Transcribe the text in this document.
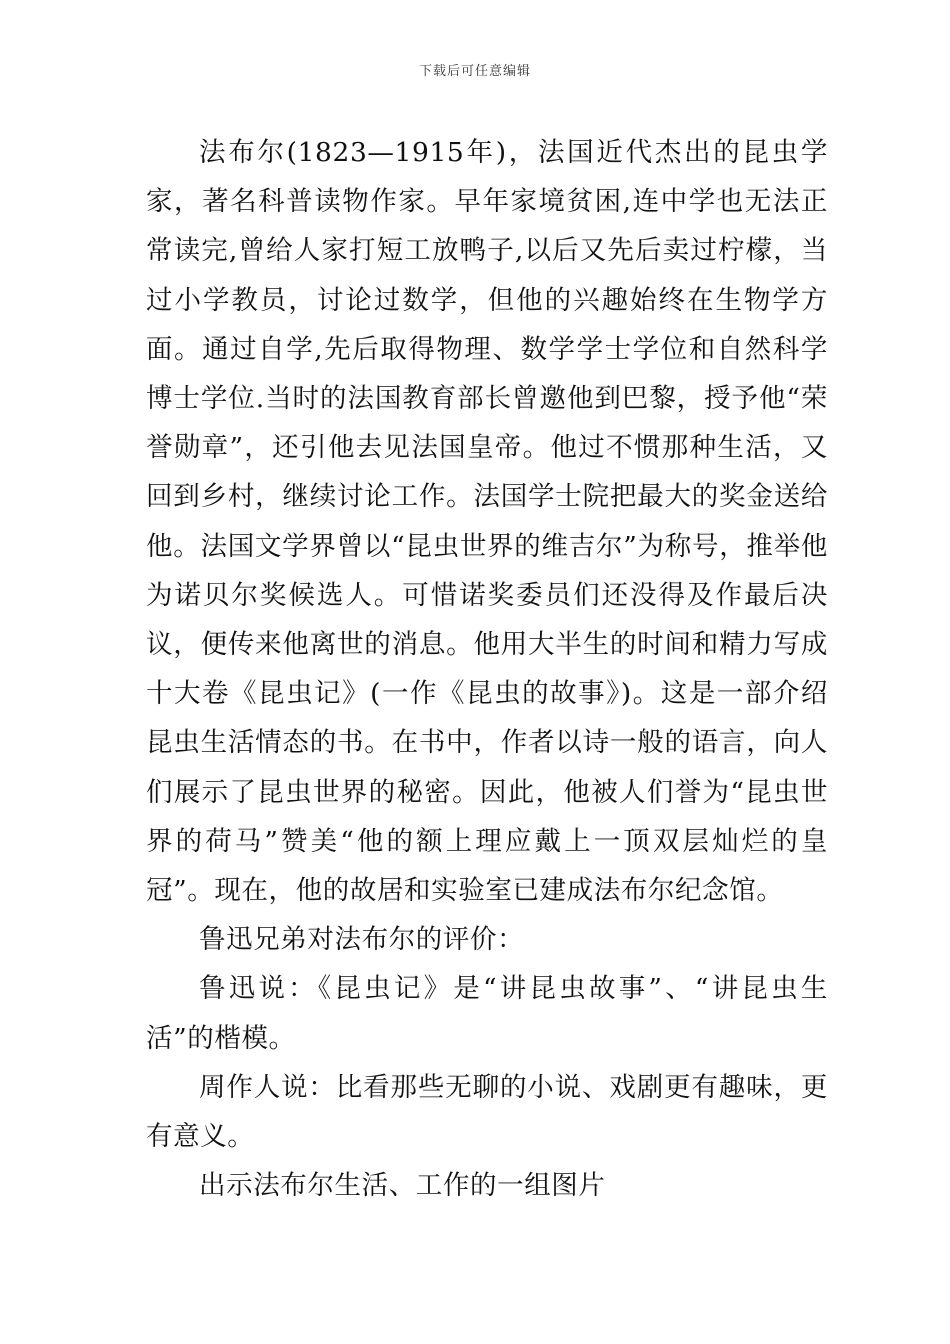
下载后可任意编辑

法布尔(1823—1915年)，法国近代杰出的昆虫学家，著名科普读物作家。早年家境贫困,连中学也无法正常读完,曾给人家打短工放鸭子,以后又先后卖过柠檬，当过小学教员，讨论过数学，但他的兴趣始终在生物学方面。通过自学,先后取得物理、数学学士学位和自然科学博士学位.当时的法国教育部长曾邀他到巴黎，授予他“荣誉勋章”，还引他去见法国皇帝。他过不惯那种生活，又回到乡村，继续讨论工作。法国学士院把最大的奖金送给他。法国文学界曾以“昆虫世界的维吉尔”为称号，推举他为诺贝尔奖候选人。可惜诺奖委员们还没得及作最后决议，便传来他离世的消息。他用大半生的时间和精力写成十大卷《昆虫记》(一作《昆虫的故事》)。这是一部介绍昆虫生活情态的书。在书中，作者以诗一般的语言，向人们展示了昆虫世界的秘密。因此，他被人们誉为“昆虫世界的荷马”赞美“他的额上理应戴上一顶双层灿烂的皇冠”。现在，他的故居和实验室已建成法布尔纪念馆。

鲁迅兄弟对法布尔的评价：

鲁迅说：《昆虫记》是“讲昆虫故事”、“讲昆虫生活”的楷模。

周作人说：比看那些无聊的小说、戏剧更有趣味，更有意义。

出示法布尔生活、工作的一组图片
